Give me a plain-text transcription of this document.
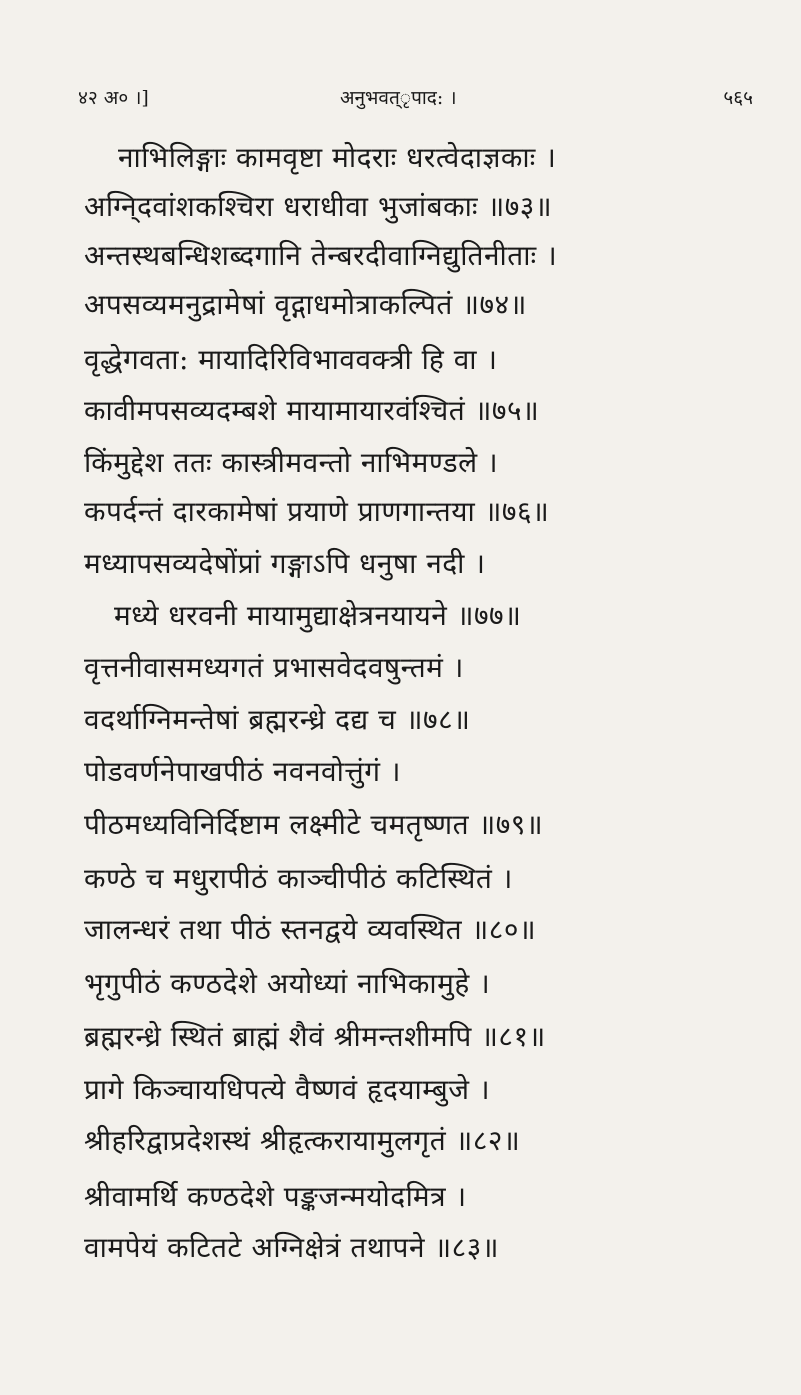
४२ अ० ।]	अनुभवत्ृपाद: ।	५६५
नाभिलिङ्गाः कामवृष्टा मोदराः धरत्वेदाज्ञकाः ।
अग्नि्दवांशकश्चिरा धराधीवा भुजांबकाः ॥७३॥
अन्तस्थबन्धिशब्दगानि तेन्बरदीवाग्निद्युतिनीताः ।
अपसव्यमनुद्रामेषां वृद्गाधमोत्राकल्पितं ॥७४॥
वृद्धेगवता: मायादिरिविभाववक्त्री हि वा ।
कावीमपसव्यदम्बशे मायामायारवंश्चितं ॥७५॥
किंमुद्देश ततः कास्त्रीमवन्तो नाभिमण्डले ।
कपर्दन्तं दारकामेषां प्रयाणे प्राणगान्तया ॥७६॥
मध्यापसव्यदेषोंप्रां गङ्गाऽपि धनुषा नदी ।
मध्ये धरवनी मायामुद्याक्षेत्रनयायने ॥७७॥
वृत्तनीवासमध्यगतं प्रभासवेदवषुन्तमं ।
वदर्थाग्निमन्तेषां ब्रह्मरन्ध्रे दद्य च ॥७८॥
पोडवर्णनेपाखपीठं नवनवोत्तुंगं ।
पीठमध्यविनिर्दिष्टाम लक्ष्मीटे चमतृष्णत ॥७९॥
कण्ठे च मधुरापीठं काञ्चीपीठं कटिस्थितं ।
जालन्धरं तथा पीठं स्तनद्वये व्यवस्थित ॥८०॥
भृगुपीठं कण्ठदेशे अयोध्यां नाभिकामुहे ।
ब्रह्मरन्ध्रे स्थितं ब्राह्मं शैवं श्रीमन्तशीमपि ॥८१॥
प्रागे किञ्चायधिपत्ये वैष्णवं हृदयाम्बुजे ।
श्रीहरिद्वाप्रदेशस्थं श्रीहृत्करायामुलगृतं ॥८२॥
श्रीवामर्थि कण्ठदेशे पङ्कजन्मयोदमित्र ।
वामपेयं कटितटे अग्निक्षेत्रं तथापने ॥८३॥
